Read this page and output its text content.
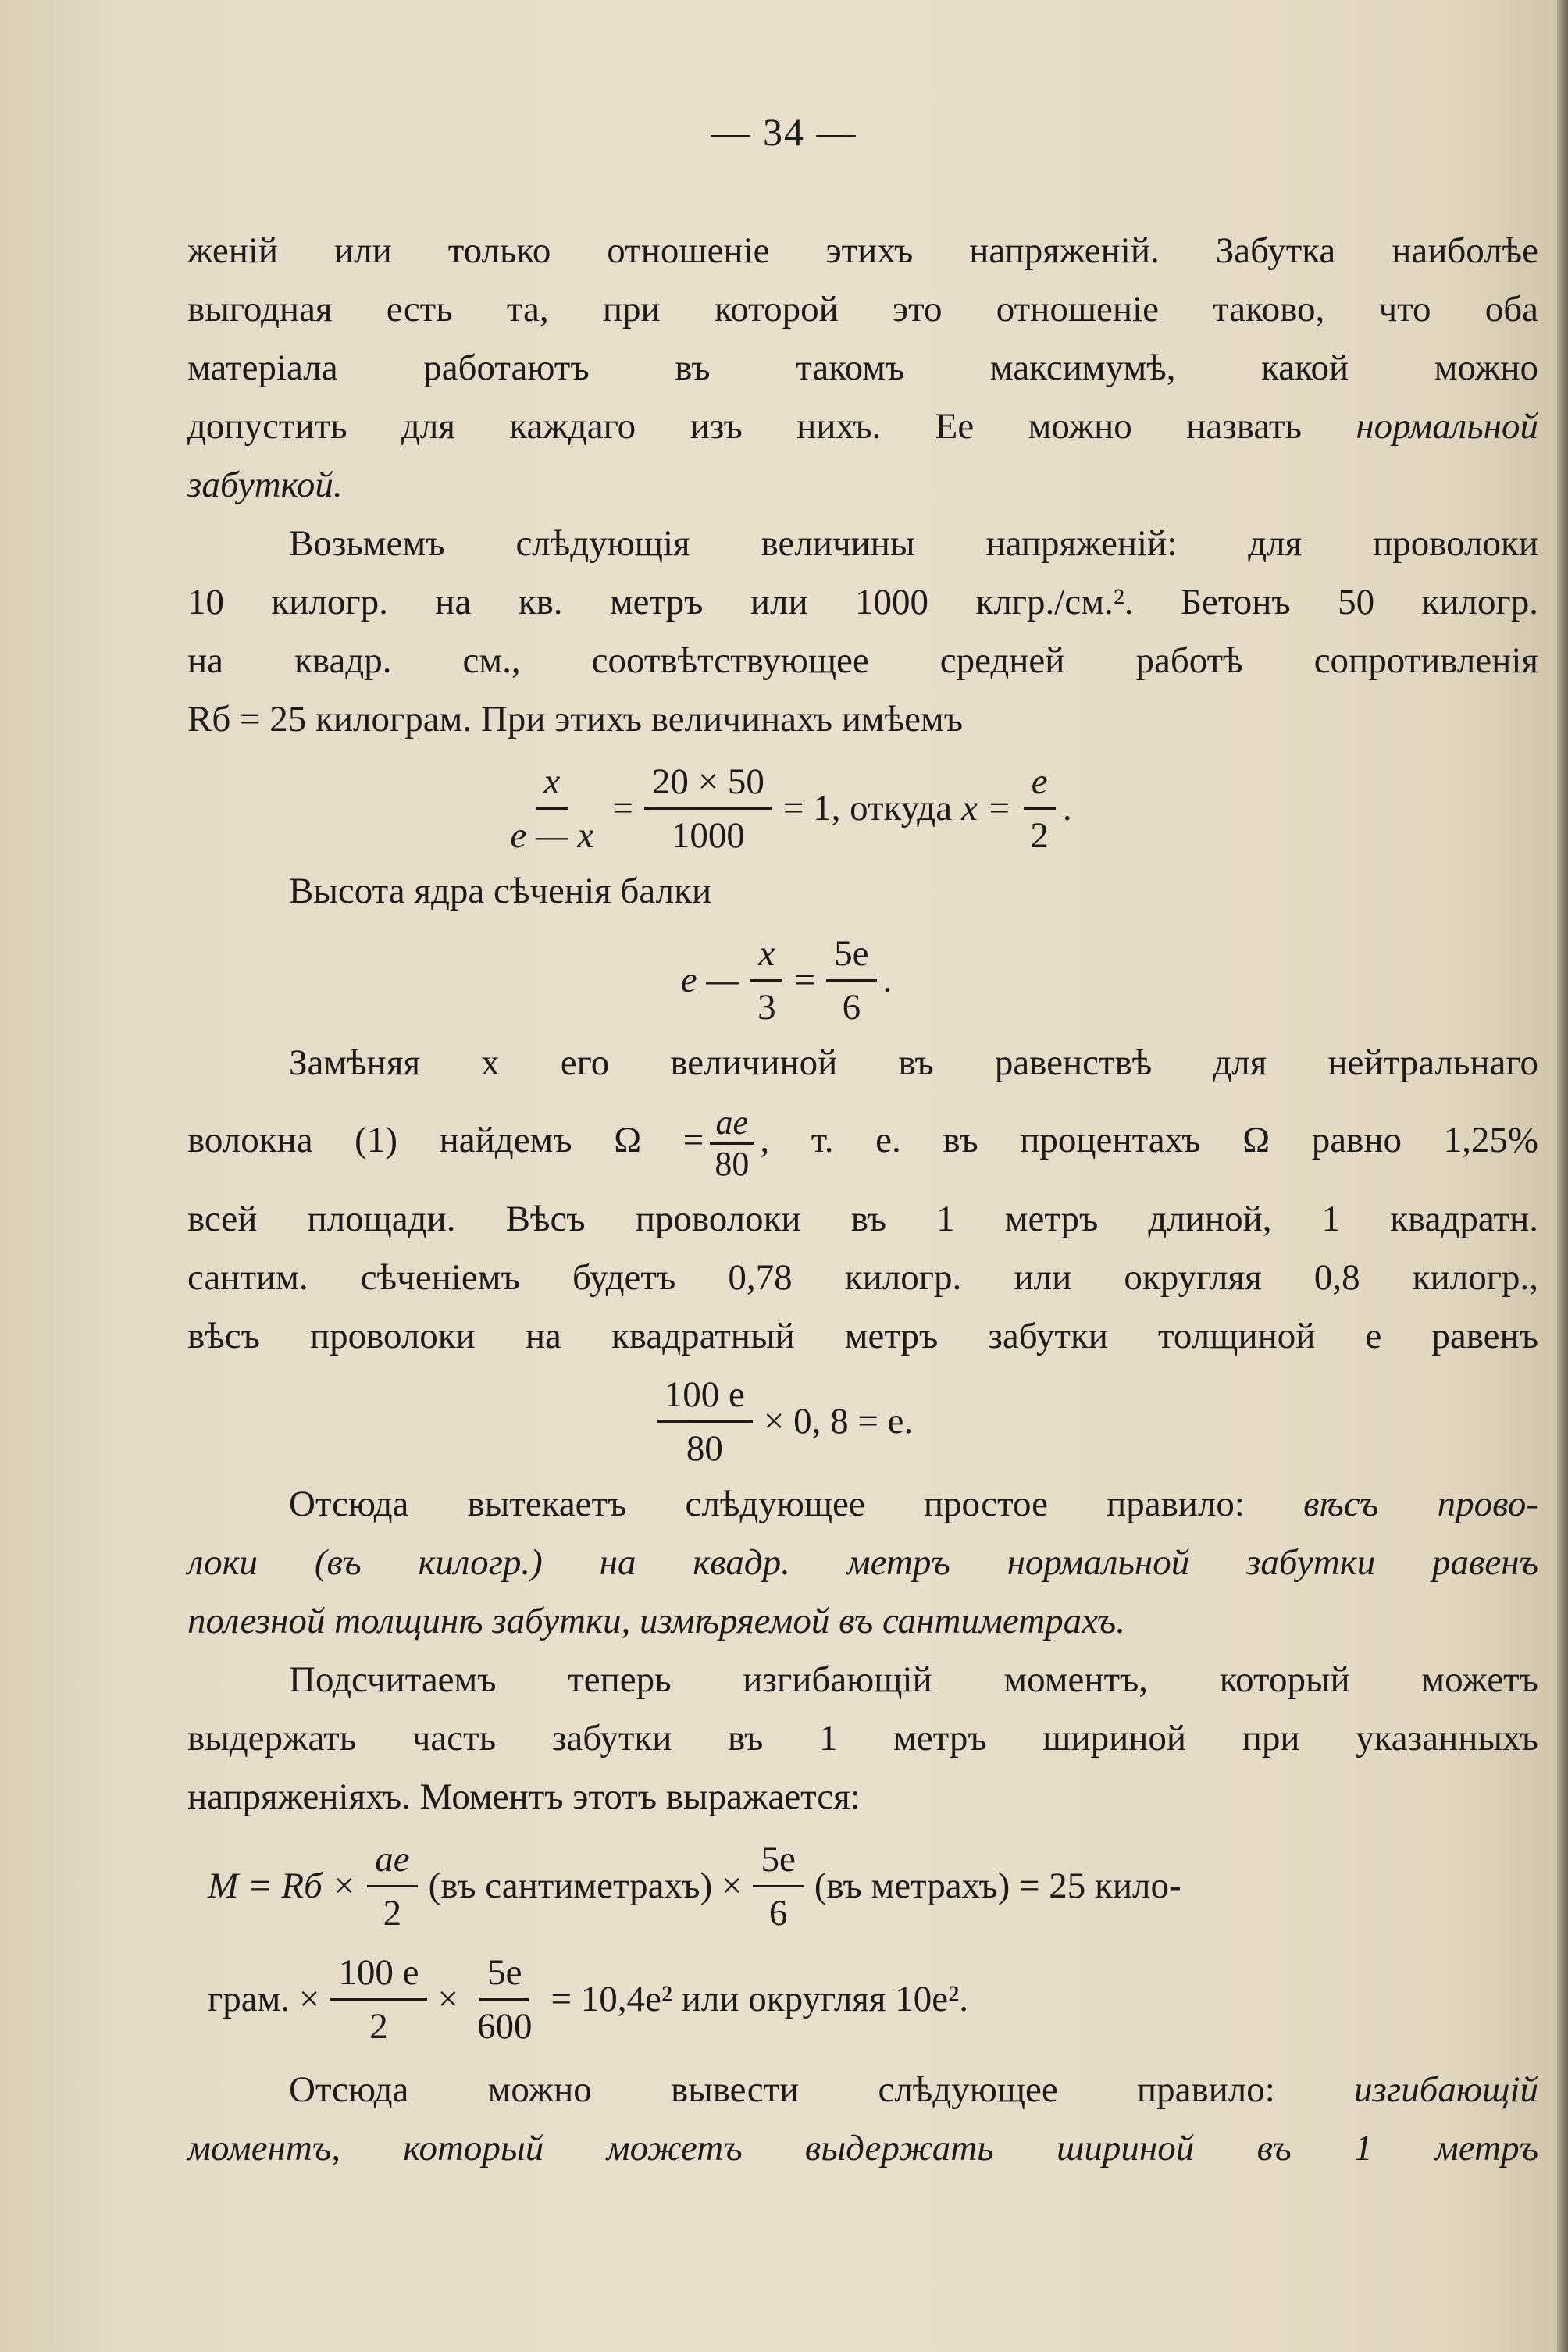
— 34 —
женій или только отношеніе этихъ напряженій. Забутка наиболѣе
выгодная есть та, при которой это отношеніе таково, что оба
матеріала работаютъ въ такомъ максимумѣ, какой можно
допустить для каждаго изъ нихъ. Ее можно назвать нормальной
забуткой.
Возьмемъ слѣдующія величины напряженій: для проволоки
10 килогр. на кв. метръ или 1000 клгр./см.². Бетонъ 50 килогр.
на квадр. см., соотвѣтствующее средней работѣ сопротивленія
Rб = 25 килограм. При этихъ величинахъ имѣемъ
$\frac{x}{e — x} = \frac{20 \times 50}{1000} = 1$, откуда $x = \frac{e}{2}$ .
Высота ядра сѣченія балки
e — $\frac{x}{3} = \frac{5e}{6}$ .
Замѣняя x его величиной въ равенствѣ для нейтральнаго
волокна (1) найдемъ $\Omega = \frac{ae}{80}$ , т. е. въ процентахъ Ω равно 1,25%
всей площади. Вѣсъ проволоки въ 1 метръ длиной, 1 квадратн.
сантим. сѣченіемъ будетъ 0,78 килогр. или округляя 0,8 килогр.,
вѣсъ проволоки на квадратный метръ забутки толщиной e равенъ
$\frac{100 e}{80} \times 0$, 8 = e.
Отсюда вытекаетъ слѣдующее простое правило: вѣсъ прово-
локи (въ килогр.) на квадр. метръ нормальной забутки равенъ
полезной толщинѣ забутки, измѣряемой въ сантиметрахъ.
Подсчитаемъ теперь изгибающій моментъ, который можетъ
выдержать часть забутки въ 1 метръ шириной при указанныхъ
напряженіяхъ. Моментъ этотъ выражается:
M = Rб × $\frac{ae}{2} (въ$ сантиметрахъ) × $\frac{5e}{6} (въ$ метрахъ) = 25 кило-
грам. × $\frac{100 e}{2} \times \frac{5e}{600} = 10,4e^2$ или округляя 10e².
Отсюда можно вывести слѣдующее правило: изгибающій
моментъ, который можетъ выдержать шириной въ 1 метръ
